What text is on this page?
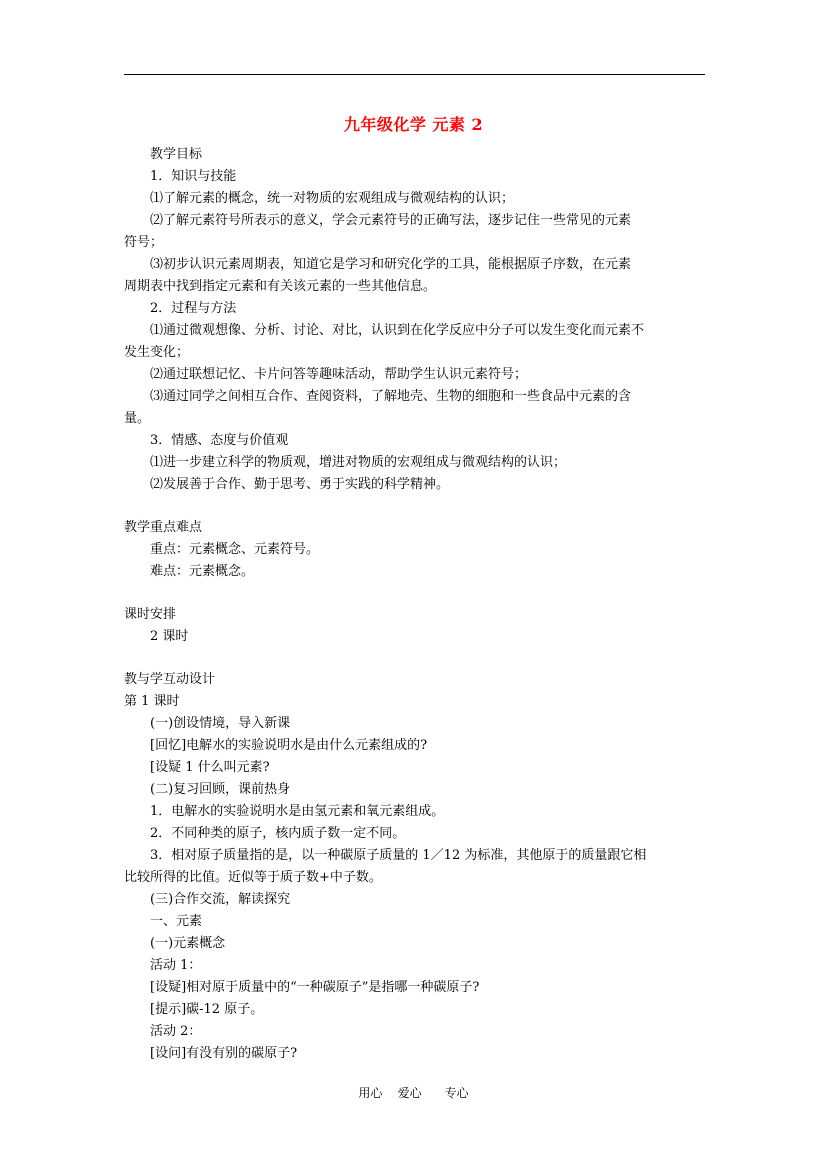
九年级化学 元素 2
教学目标
1．知识与技能
⑴了解元素的概念，统一对物质的宏观组成与微观结构的认识；
⑵了解元素符号所表示的意义，学会元素符号的正确写法，逐步记住一些常见的元素
符号；
⑶初步认识元素周期表，知道它是学习和研究化学的工具，能根据原子序数，在元素
周期表中找到指定元素和有关该元素的一些其他信息。
2．过程与方法
⑴通过微观想像、分析、讨论、对比，认识到在化学反应中分子可以发生变化而元素不
发生变化；
⑵通过联想记忆、卡片问答等趣味活动，帮助学生认识元素符号；
⑶通过同学之间相互合作、查阅资料，了解地壳、生物的细胞和一些食品中元素的含
量。
3．情感、态度与价值观
⑴进一步建立科学的物质观，增进对物质的宏观组成与微观结构的认识；
⑵发展善于合作、勤于思考、勇于实践的科学精神。
教学重点难点
重点：元素概念、元素符号。
难点：元素概念。
课时安排
2 课时
教与学互动设计
第 1 课时
(一)创设情境，导入新课
[回忆]电解水的实验说明水是由什么元素组成的?
[设疑 1 什么叫元素?
(二)复习回顾，课前热身
1．电解水的实验说明水是由氢元素和氧元素组成。
2．不同种类的原子，核内质子数一定不同。
3．相对原子质量指的是，以一种碳原子质量的 1／12 为标准，其他原于的质量跟它相
比较所得的比值。近似等于质子数+中子数。
(三)合作交流，解读探究
一、元素
(一)元素概念
活动 1：
[设疑]相对原于质量中的“一种碳原子”是指哪一种碳原子?
[提示]碳-12 原子。
活动 2：
[设问]有没有别的碳原子?
用心    爱心      专心
